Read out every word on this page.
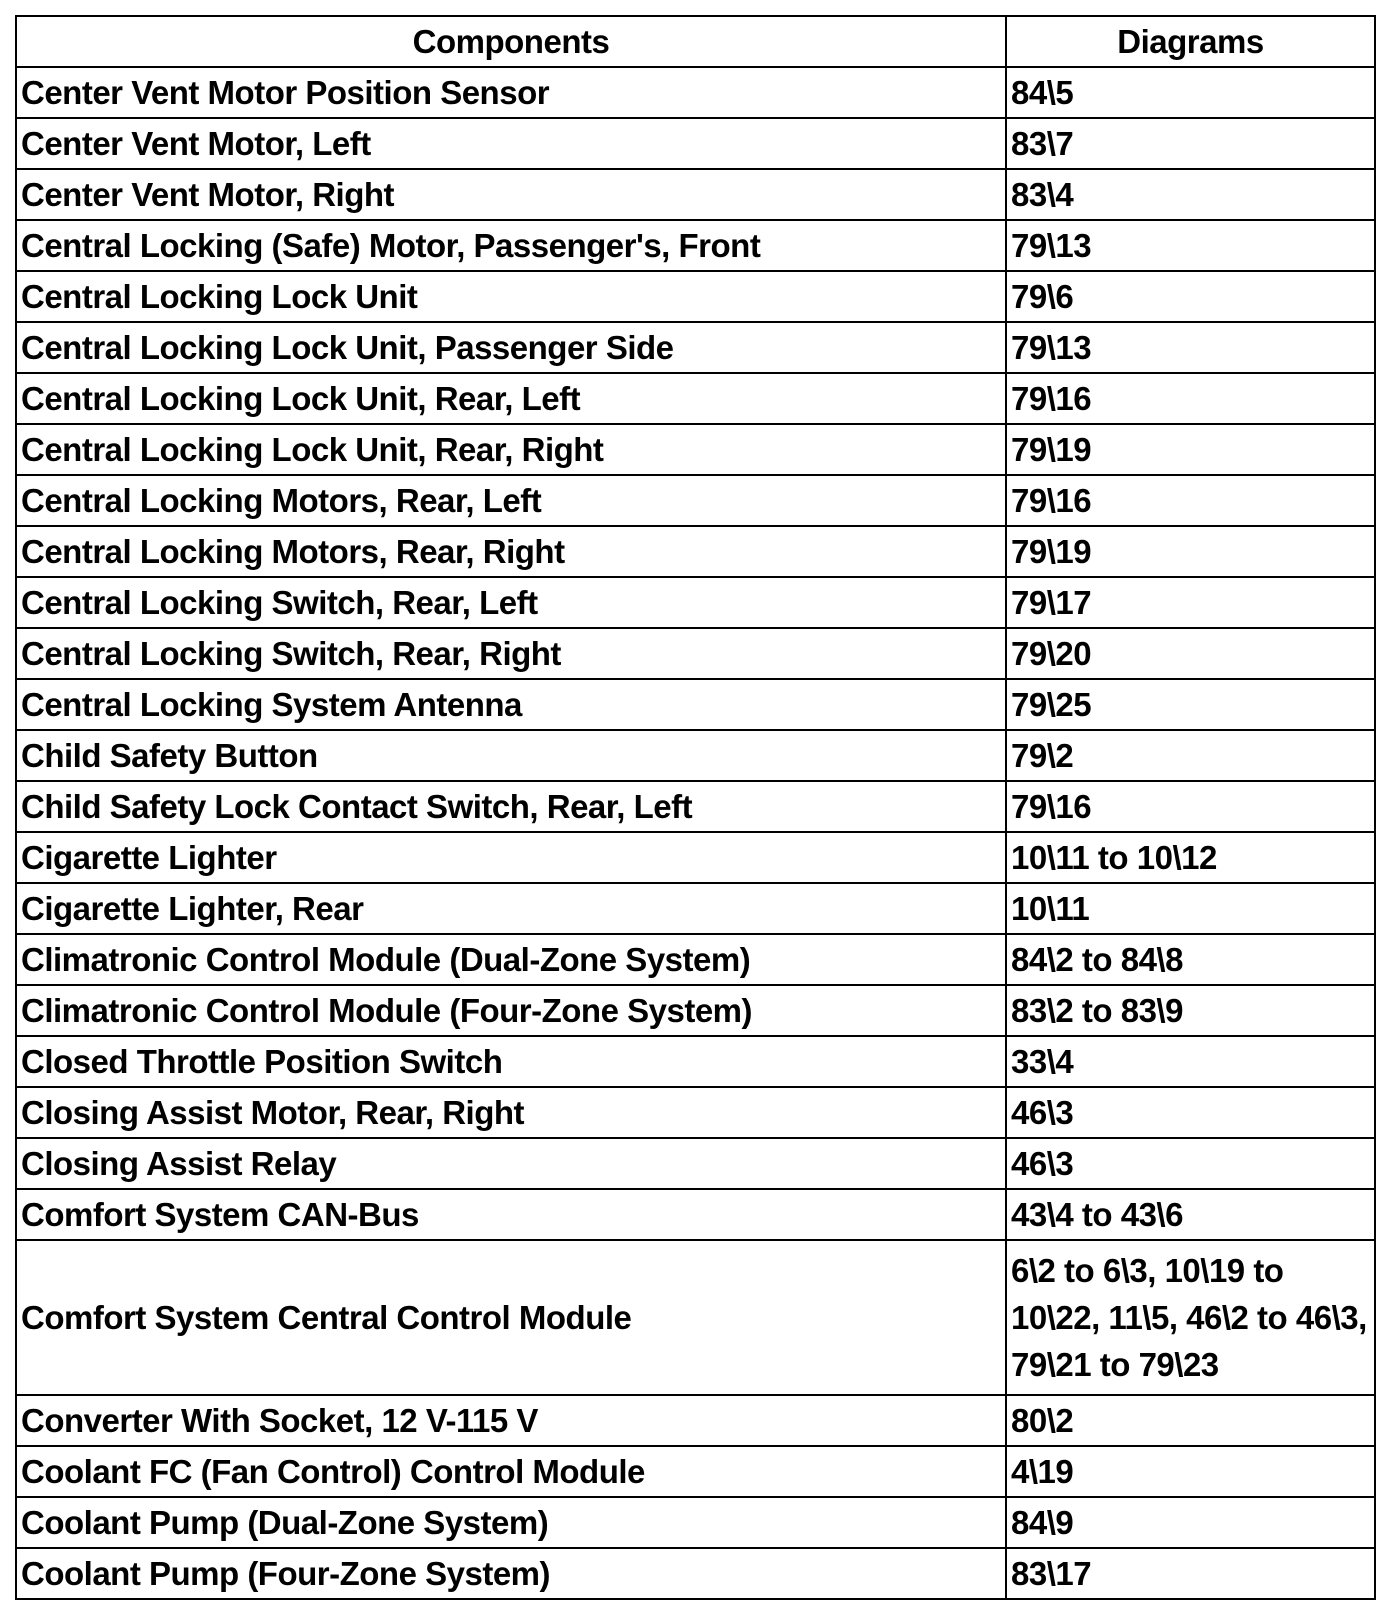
Components	Diagrams
Center Vent Motor Position Sensor	84\5
Center Vent Motor, Left	83\7
Center Vent Motor, Right	83\4
Central Locking (Safe) Motor, Passenger's, Front	79\13
Central Locking Lock Unit	79\6
Central Locking Lock Unit, Passenger Side	79\13
Central Locking Lock Unit, Rear, Left	79\16
Central Locking Lock Unit, Rear, Right	79\19
Central Locking Motors, Rear, Left	79\16
Central Locking Motors, Rear, Right	79\19
Central Locking Switch, Rear, Left	79\17
Central Locking Switch, Rear, Right	79\20
Central Locking System Antenna	79\25
Child Safety Button	79\2
Child Safety Lock Contact Switch, Rear, Left	79\16
Cigarette Lighter	10\11 to 10\12
Cigarette Lighter, Rear	10\11
Climatronic Control Module (Dual-Zone System)	84\2 to 84\8
Climatronic Control Module (Four-Zone System)	83\2 to 83\9
Closed Throttle Position Switch	33\4
Closing Assist Motor, Rear, Right	46\3
Closing Assist Relay	46\3
Comfort System CAN-Bus	43\4 to 43\6
Comfort System Central Control Module	6\2 to 6\3, 10\19 to 10\22, 11\5, 46\2 to 46\3, 79\21 to 79\23
Converter With Socket, 12 V-115 V	80\2
Coolant FC (Fan Control) Control Module	4\19
Coolant Pump (Dual-Zone System)	84\9
Coolant Pump (Four-Zone System)	83\17
